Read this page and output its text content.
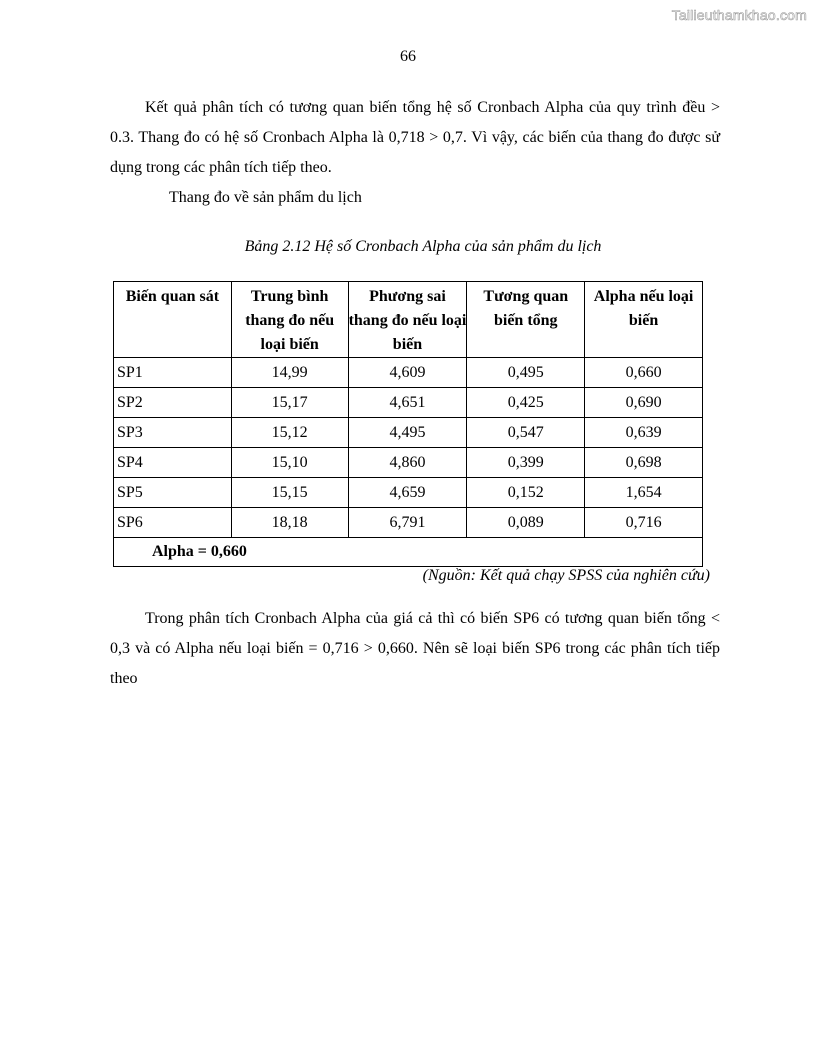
Tailieuthamkhao.com
66

Kết quả phân tích có tương quan biến tổng hệ số Cronbach Alpha của quy trình đều > 0.3. Thang đo có hệ số Cronbach Alpha là 0,718 > 0,7. Vì vậy, các biến của thang đo được sử dụng trong các phân tích tiếp theo.

Thang đo về sản phẩm du lịch

Bảng 2.12 Hệ số Cronbach Alpha của sản phẩm du lịch
Biến quan sát	Trung bình thang đo nếu loại biến	Phương sai thang đo nếu loại biến	Tương quan biến tổng	Alpha nếu loại biến
SP1	14,99	4,609	0,495	0,660
SP2	15,17	4,651	0,425	0,690
SP3	15,12	4,495	0,547	0,639
SP4	15,10	4,860	0,399	0,698
SP5	15,15	4,659	0,152	1,654
SP6	18,18	6,791	0,089	0,716
Alpha = 0,660				
(Nguồn: Kết quả chạy SPSS của nghiên cứu)

Trong phân tích Cronbach Alpha của giá cả thì có biến SP6 có tương quan biến tổng < 0,3 và có Alpha nếu loại biến = 0,716 > 0,660. Nên sẽ loại biến SP6 trong các phân tích tiếp theo
